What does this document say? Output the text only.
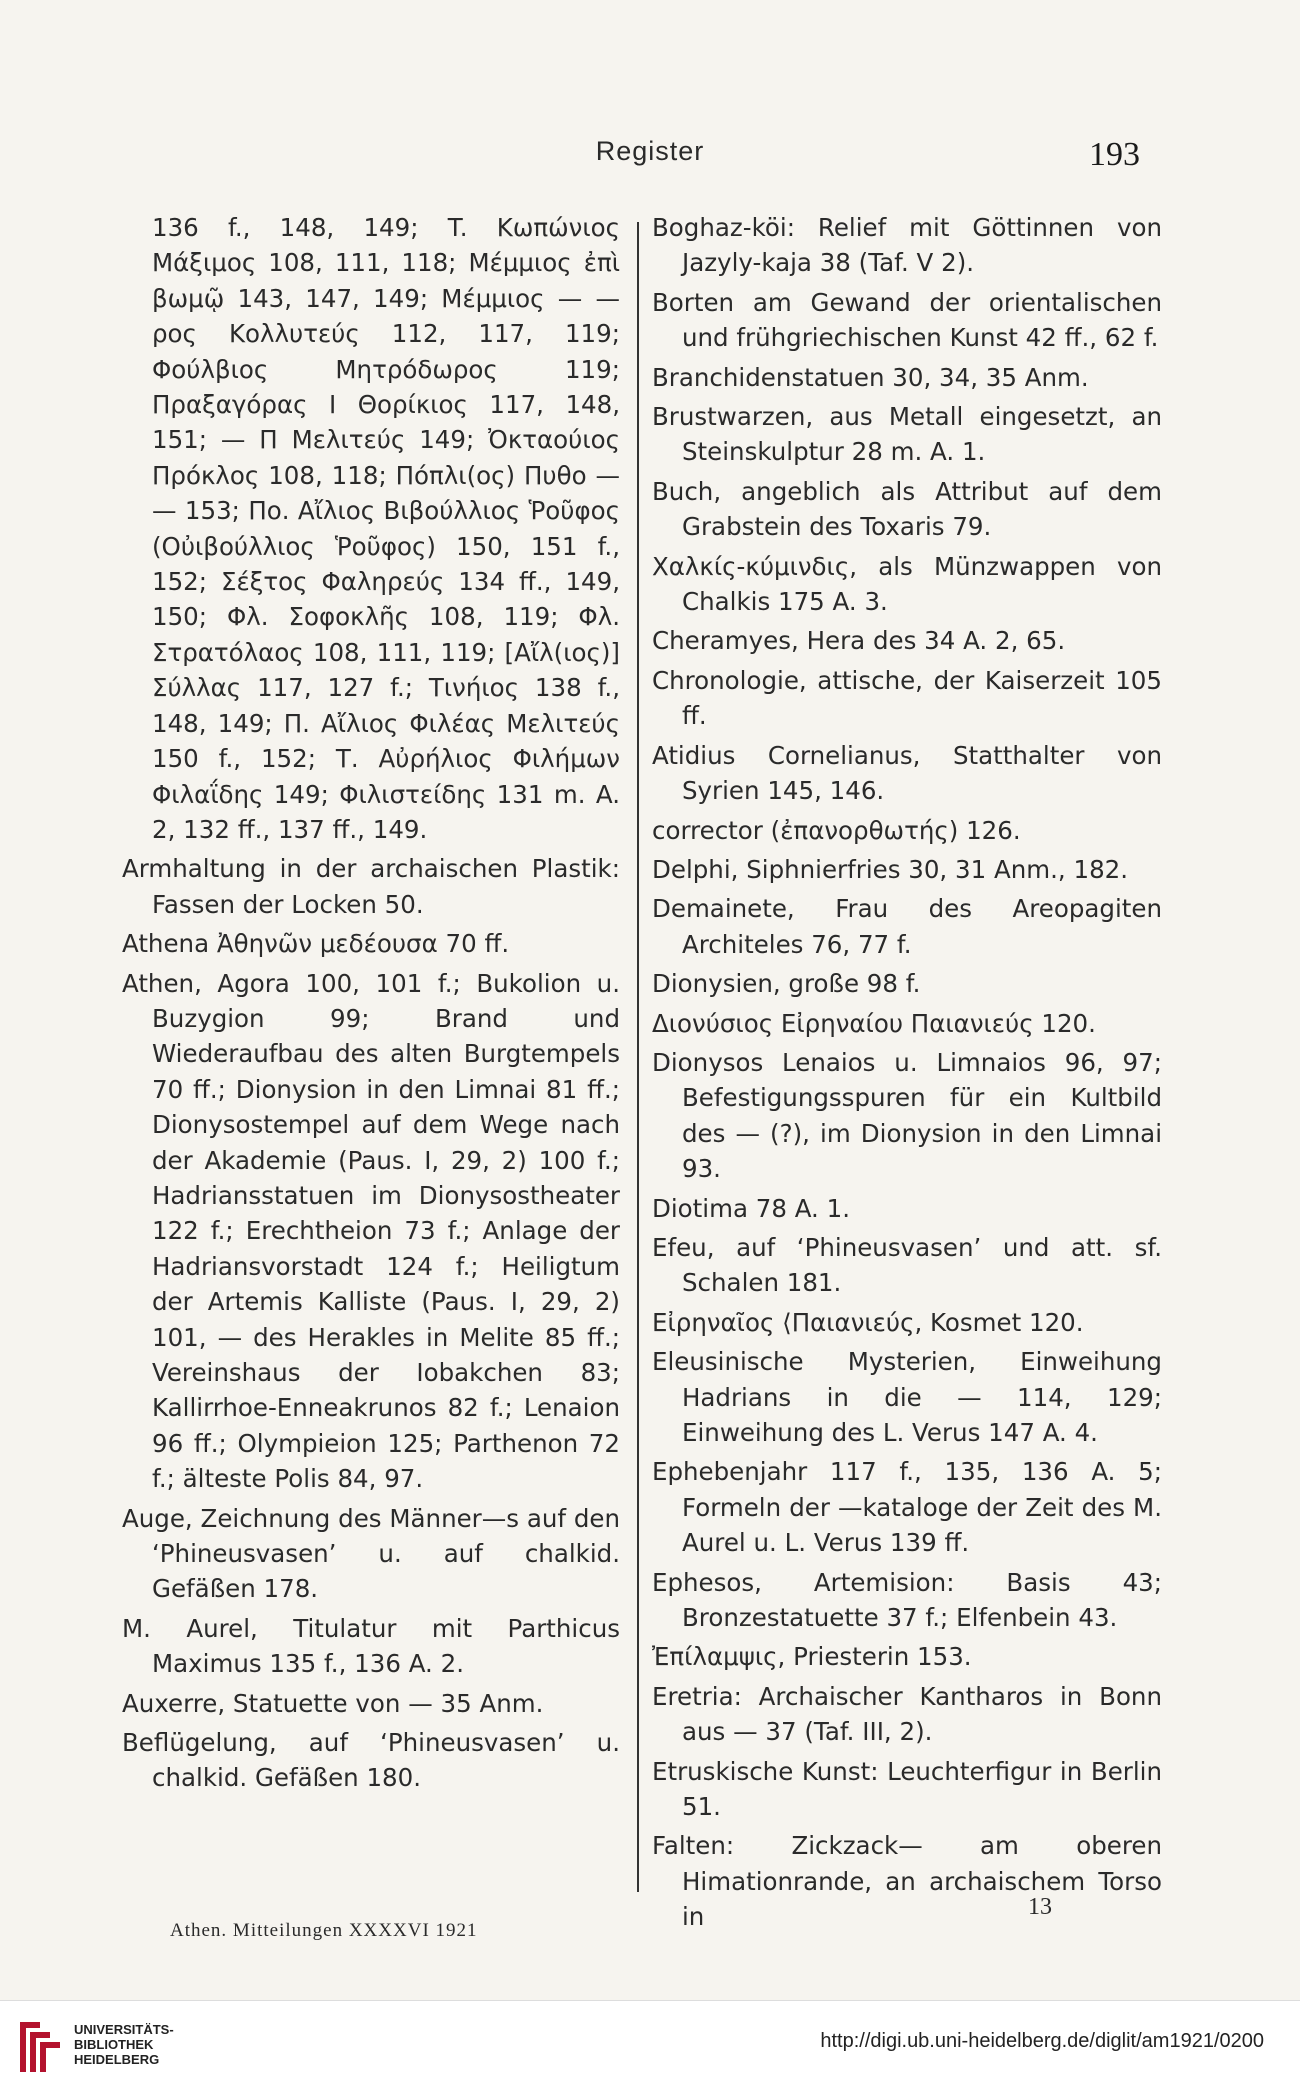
Register	193

136 f., 148, 149; T. Κωπώνιος Μάξιμος 108, 111, 118; Μέμμιος ἐπὶ βωμῷ 143, 147, 149; Μέμμιος — — ρος Κολλυτεύς 112, 117, 119; Φούλβιος Μητρόδωρος 119; Πραξαγόρας Ι Θορίκιος 117, 148, 151; — Π Μελιτεύς 149; Ὀκταούιος Πρόκλος 108, 118; Πόπλι(ος) Πυθο — — 153; Πο. Αἴλιος Βιβούλλιος Ῥοῦφος (Οὐιβούλλιος Ῥοῦφος) 150, 151 f., 152; Σέξτος Φαληρεύς 134 ff., 149, 150; Φλ. Σοφοκλῆς 108, 119; Φλ. Στρατόλαος 108, 111, 119; [Αἴλ(ιος)] Σύλλας 117, 127 f.; Τινήιος 138 f., 148, 149; Π. Αἴλιος Φιλέας Μελιτεύς 150 f., 152; Τ. Αὐρήλιος Φιλήμων Φιλαΐδης 149; Φιλιστείδης 131 m. A. 2, 132 ff., 137 ff., 149.

Armhaltung in der archaischen Plastik: Fassen der Locken 50.

Athena Ἀθηνῶν μεδέουσα 70 ff.

Athen, Agora 100, 101 f.; Bukolion u. Buzygion 99; Brand und Wiederaufbau des alten Burgtempels 70 ff.; Dionysion in den Limnai 81 ff.; Dionysostempel auf dem Wege nach der Akademie (Paus. I, 29, 2) 100 f.; Hadriansstatuen im Dionysostheater 122 f.; Erechtheion 73 f.; Anlage der Hadriansvorstadt 124 f.; Heiligtum der Artemis Kalliste (Paus. I, 29, 2) 101, — des Herakles in Melite 85 ff.; Vereinshaus der Iobakchen 83; Kallirrhoe-Enneakrunos 82 f.; Lenaion 96 ff.; Olympieion 125; Parthenon 72 f.; älteste Polis 84, 97.

Auge, Zeichnung des Männer—s auf den ‘Phineusvasen’ u. auf chalkid. Gefäßen 178.

M. Aurel, Titulatur mit Parthicus Maximus 135 f., 136 A. 2.

Auxerre, Statuette von — 35 Anm.

Beflügelung, auf ‘Phineusvasen’ u. chalkid. Gefäßen 180.

Boghaz-köi: Relief mit Göttinnen von Jazyly-kaja 38 (Taf. V 2).

Borten am Gewand der orientalischen und frühgriechischen Kunst 42 ff., 62 f.

Branchidenstatuen 30, 34, 35 Anm.

Brustwarzen, aus Metall eingesetzt, an Steinskulptur 28 m. A. 1.

Buch, angeblich als Attribut auf dem Grabstein des Toxaris 79.

Χαλκίς-κύμινδις, als Münzwappen von Chalkis 175 A. 3.

Cheramyes, Hera des 34 A. 2, 65.

Chronologie, attische, der Kaiserzeit 105 ff.

Atidius Cornelianus, Statthalter von Syrien 145, 146.

corrector (ἐπανορθωτής) 126.

Delphi, Siphnierfries 30, 31 Anm., 182.

Demainete, Frau des Areopagiten Architeles 76, 77 f.

Dionysien, große 98 f.

Διονύσιος Εἰρηναίου Παιανιεύς 120.

Dionysos Lenaios u. Limnaios 96, 97; Befestigungsspuren für ein Kultbild des — (?), im Dionysion in den Limnai 93.

Diotima 78 A. 1.

Efeu, auf ‘Phineusvasen’ und att. sf. Schalen 181.

Εἰρηναῖος ⟨Παιανιεύς, Kosmet 120.

Eleusinische Mysterien, Einweihung Hadrians in die — 114, 129; Einweihung des L. Verus 147 A. 4.

Ephebenjahr 117 f., 135, 136 A. 5; Formeln der —kataloge der Zeit des M. Aurel u. L. Verus 139 ff.

Ephesos, Artemision: Basis 43; Bronzestatuette 37 f.; Elfenbein 43.

Ἐπίλαμψις, Priesterin 153.

Eretria: Archaischer Kantharos in Bonn aus — 37 (Taf. III, 2).

Etruskische Kunst: Leuchterfigur in Berlin 51.

Falten: Zickzack— am oberen Himationrande, an archaischem Torso in

Athen. Mitteilungen XXXXVI 1921
13
UNIVERSITÄTS-
BIBLIOTHEK
HEIDELBERG
http://digi.ub.uni-heidelberg.de/diglit/am1921/0200
